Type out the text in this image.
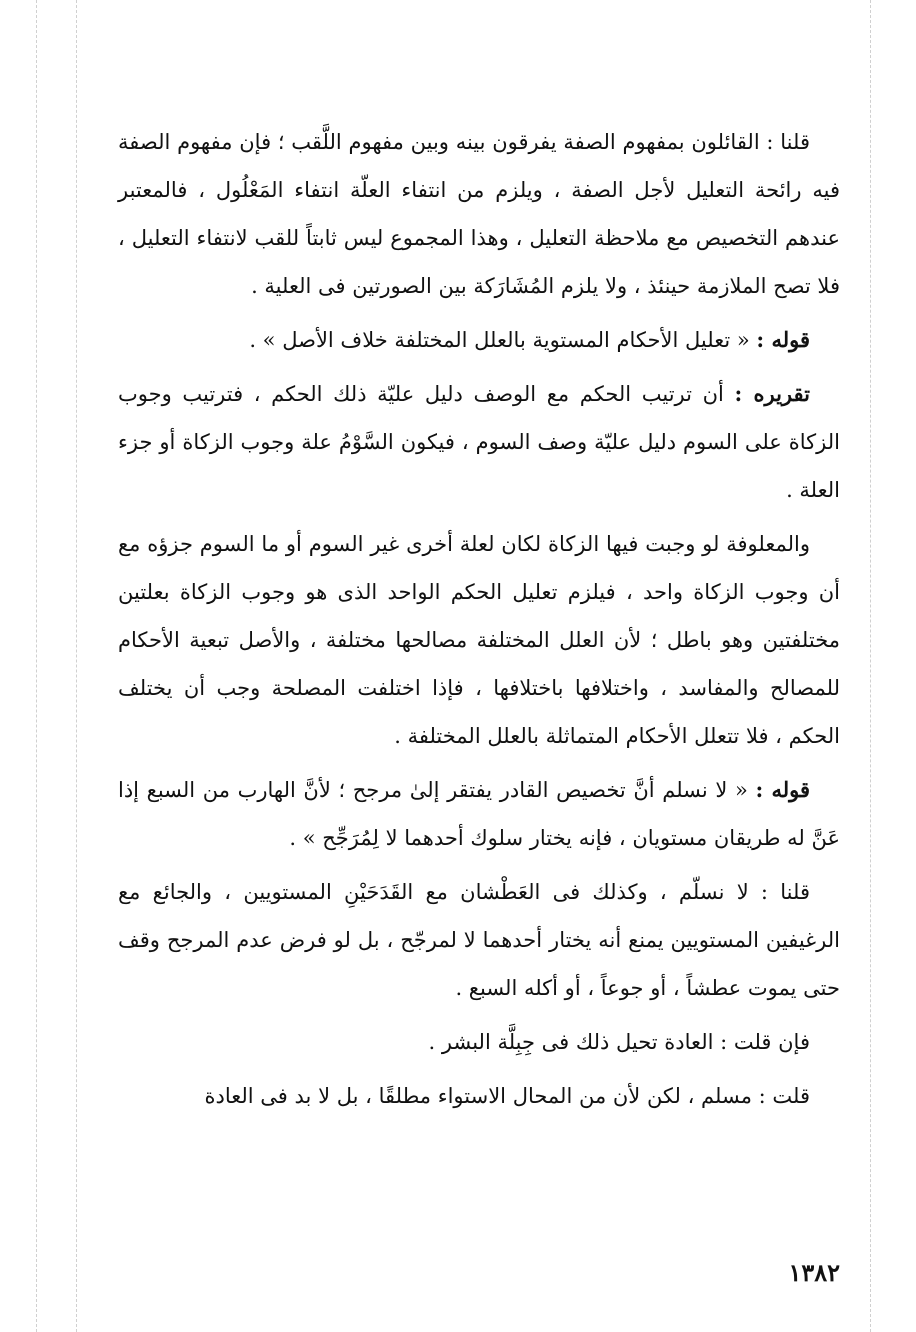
قلنا : القائلون بمفهوم الصفة يفرقون بينه وبين مفهوم اللَّقب ؛ فإن مفهوم الصفة فيه رائحة التعليل لأجل الصفة ، ويلزم من انتفاء العلّة انتفاء المَعْلُول ، فالمعتبر عندهم التخصيص مع ملاحظة التعليل ، وهذا المجموع ليس ثابتاً للقب لانتفاء التعليل ، فلا تصح الملازمة حينئذ ، ولا يلزم المُشَارَكة بين الصورتين فى العلية .

قوله : « تعليل الأحكام المستوية بالعلل المختلفة خلاف الأصل » .

تقريره : أن ترتيب الحكم مع الوصف دليل عليّة ذلك الحكم ، فترتيب وجوب الزكاة على السوم دليل عليّة وصف السوم ، فيكون السَّوْمُ علة وجوب الزكاة أو جزء العلة .

والمعلوفة لو وجبت فيها الزكاة لكان لعلة أخرى غير السوم أو ما السوم جزؤه مع أن وجوب الزكاة واحد ، فيلزم تعليل الحكم الواحد الذى هو وجوب الزكاة بعلتين مختلفتين وهو باطل ؛ لأن العلل المختلفة مصالحها مختلفة ، والأصل تبعية الأحكام للمصالح والمفاسد ، واختلافها باختلافها ، فإذا اختلفت المصلحة وجب أن يختلف الحكم ، فلا تتعلل الأحكام المتماثلة بالعلل المختلفة .

قوله : « لا نسلم أنَّ تخصيص القادر يفتقر إلىٰ مرجح ؛ لأنَّ الهارب من السبع إذا عَنَّ له طريقان مستويان ، فإنه يختار سلوك أحدهما لا لِمُرَجِّح » .

قلنا : لا نسلّم ، وكذلك فى العَطْشان مع القَدَحَيْنِ المستويين ، والجائع مع الرغيفين المستويين يمنع أنه يختار أحدهما لا لمرجّح ، بل لو فرض عدم المرجح وقف حتى يموت عطشاً ، أو جوعاً ، أو أكله السبع .

فإن قلت : العادة تحيل ذلك فى جِبِلَّة البشر .

قلت : مسلم ، لكن لأن من المحال الاستواء مطلقًا ، بل لا بد فى العادة

١٣٨٢
